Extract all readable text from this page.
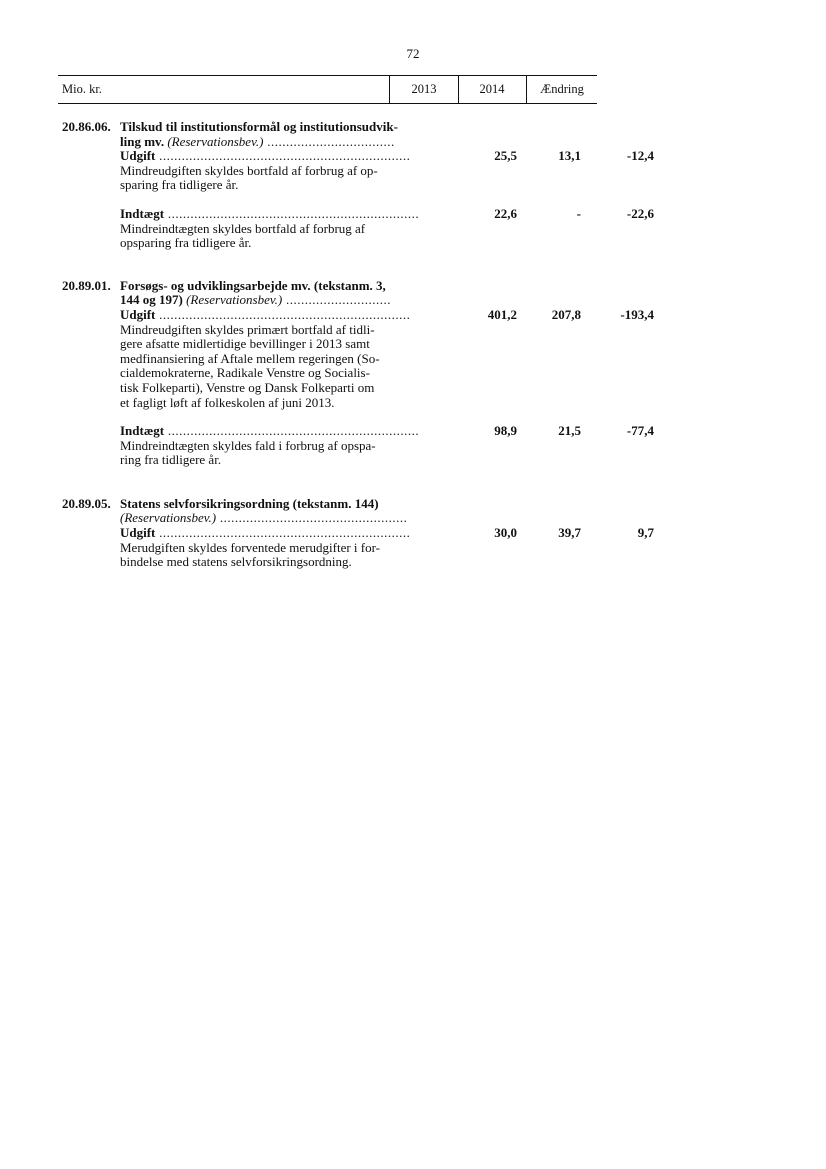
72
Mio. kr.	2013	2014	Ændring
20.86.06. Tilskud til institutionsformål og institutionsudvik-
ling mv. (Reservationsbev.) ..................................
Udgift ...................................................................	25,5	13,1	-12,4
Mindreudgiften skyldes bortfald af forbrug af op-
sparing fra tidligere år.
Indtægt ...................................................................	22,6	-	-22,6
Mindreindtægten skyldes bortfald af forbrug af
opsparing fra tidligere år.
20.89.01. Forsøgs- og udviklingsarbejde mv. (tekstanm. 3,
144 og 197) (Reservationsbev.) ............................
Udgift ...................................................................	401,2	207,8	-193,4
Mindreudgiften skyldes primært bortfald af tidli-
gere afsatte midlertidige bevillinger i 2013 samt
medfinansiering af Aftale mellem regeringen (So-
cialdemokraterne, Radikale Venstre og Socialis-
tisk Folkeparti), Venstre og Dansk Folkeparti om
et fagligt løft af folkeskolen af juni 2013.
Indtægt ...................................................................	98,9	21,5	-77,4
Mindreindtægten skyldes fald i forbrug af opspa-
ring fra tidligere år.
20.89.05. Statens selvforsikringsordning (tekstanm. 144)
(Reservationsbev.) ..................................................
Udgift ...................................................................	30,0	39,7	9,7
Merudgiften skyldes forventede merudgifter i for-
bindelse med statens selvforsikringsordning.
